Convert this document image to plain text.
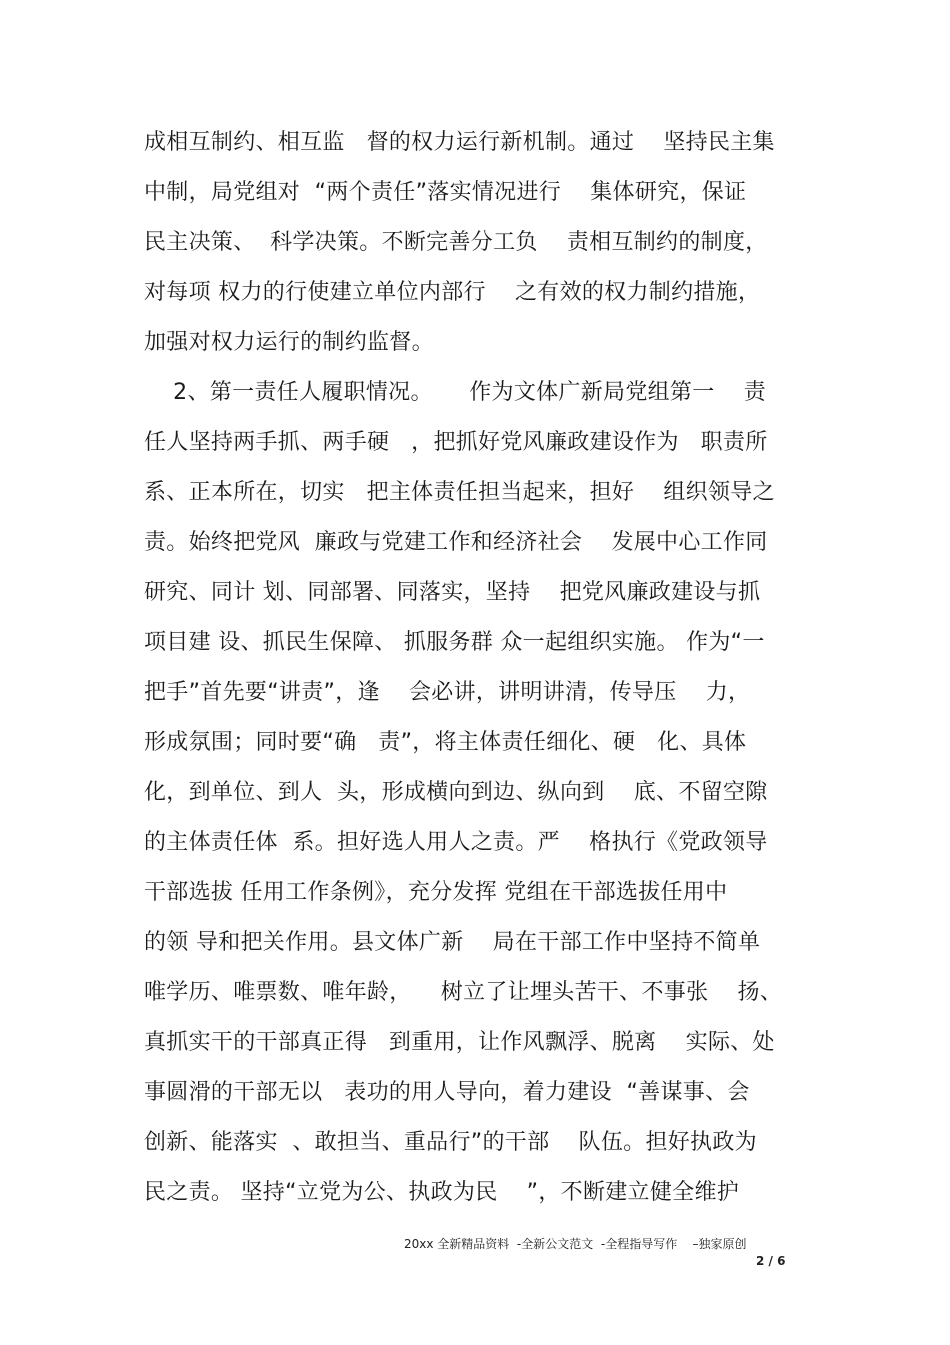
成相互制约、相互监   督的权力运行新机制。通过    坚持民主集
中制，局党组对  “两个责任”落实情况进行    集体研究，保证
民主决策、  科学决策。不断完善分工负    责相互制约的制度，
对每项 权力的行使建立单位内部行    之有效的权力制约措施，
加强对权力运行的制约监督。
2、第一责任人履职情况。     作为文体广新局党组第一    责
任人坚持两手抓、两手硬   ，把抓好党风廉政建设作为   职责所
系、正本所在，切实   把主体责任担当起来，担好    组织领导之
责。始终把党风  廉政与党建工作和经济社会    发展中心工作同
研究、同计 划、同部署、同落实，坚持    把党风廉政建设与抓
项目建 设、抓民生保障、 抓服务群 众一起组织实施。 作为“一
把手”首先要“讲责”，逢    会必讲，讲明讲清，传导压    力，
形成氛围；同时要“确   责”，将主体责任细化、硬   化、具体
化，到单位、到人  头，形成横向到边、纵向到    底、不留空隙
的主体责任体  系。担好选人用人之责。严    格执行《党政领导
干部选拔 任用工作条例》，充分发挥 党组在干部选拔任用中
的领 导和把关作用。县文体广新    局在干部工作中坚持不简单
唯学历、唯票数、唯年龄，    树立了让埋头苦干、不事张    扬、
真抓实干的干部真正得   到重用，让作风飘浮、脱离    实际、处
事圆滑的干部无以   表功的用人导向，着力建设  “善谋事、会
创新、能落实  、敢担当、重品行”的干部    队伍。担好执政为
民之责。 坚持“立党为公、执政为民    ”，不断建立健全维护
20xx 全新精品资料  -全新公文范文  -全程指导写作    –独家原创
2 / 6
